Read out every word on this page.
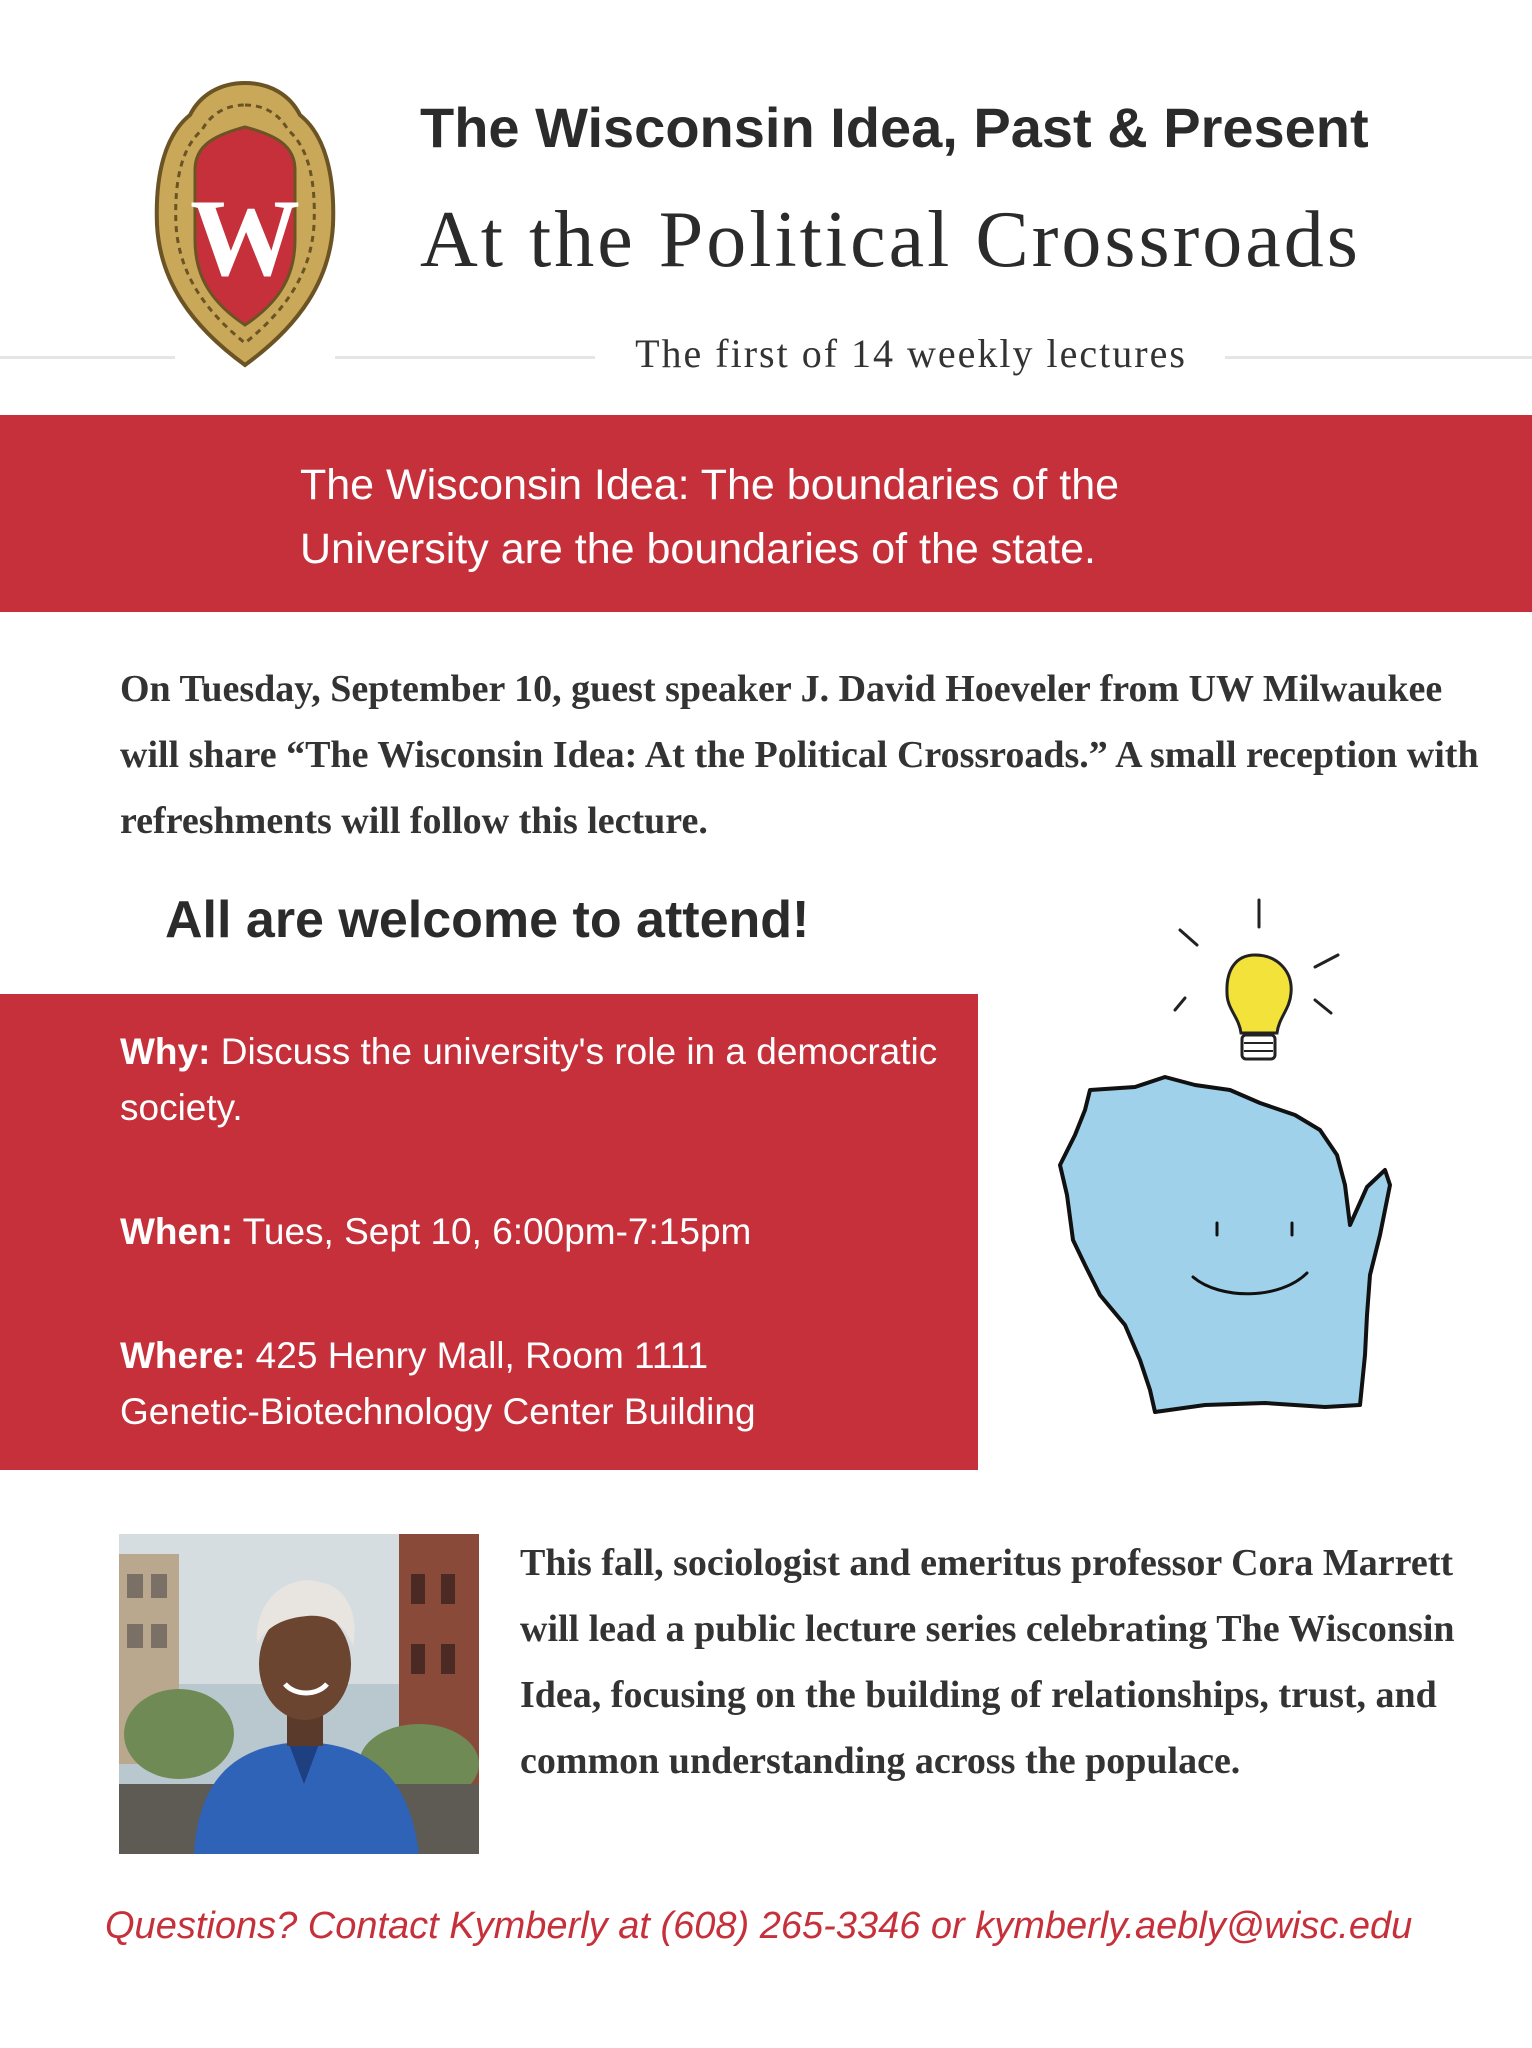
W
The Wisconsin Idea, Past & Present
At the Political Crossroads
The first of 14 weekly lectures
The Wisconsin Idea: The boundaries of the
University are the boundaries of the state.
On Tuesday, September 10, guest speaker J. David Hoeveler from UW Milwaukee will share “The Wisconsin Idea: At the Political Crossroads.” A small reception with refreshments will follow this lecture.
All are welcome to attend!
Why: Discuss the university's role in a democratic society.
When: Tues, Sept 10, 6:00pm-7:15pm
Where: 425 Henry Mall, Room 1111
Genetic-Biotechnology Center Building
This fall, sociologist and emeritus professor Cora Marrett will lead a public lecture series celebrating The Wisconsin Idea, focusing on the building of relationships, trust, and common understanding across the populace.
Questions? Contact Kymberly at (608) 265-3346 or kymberly.aebly@wisc.edu
